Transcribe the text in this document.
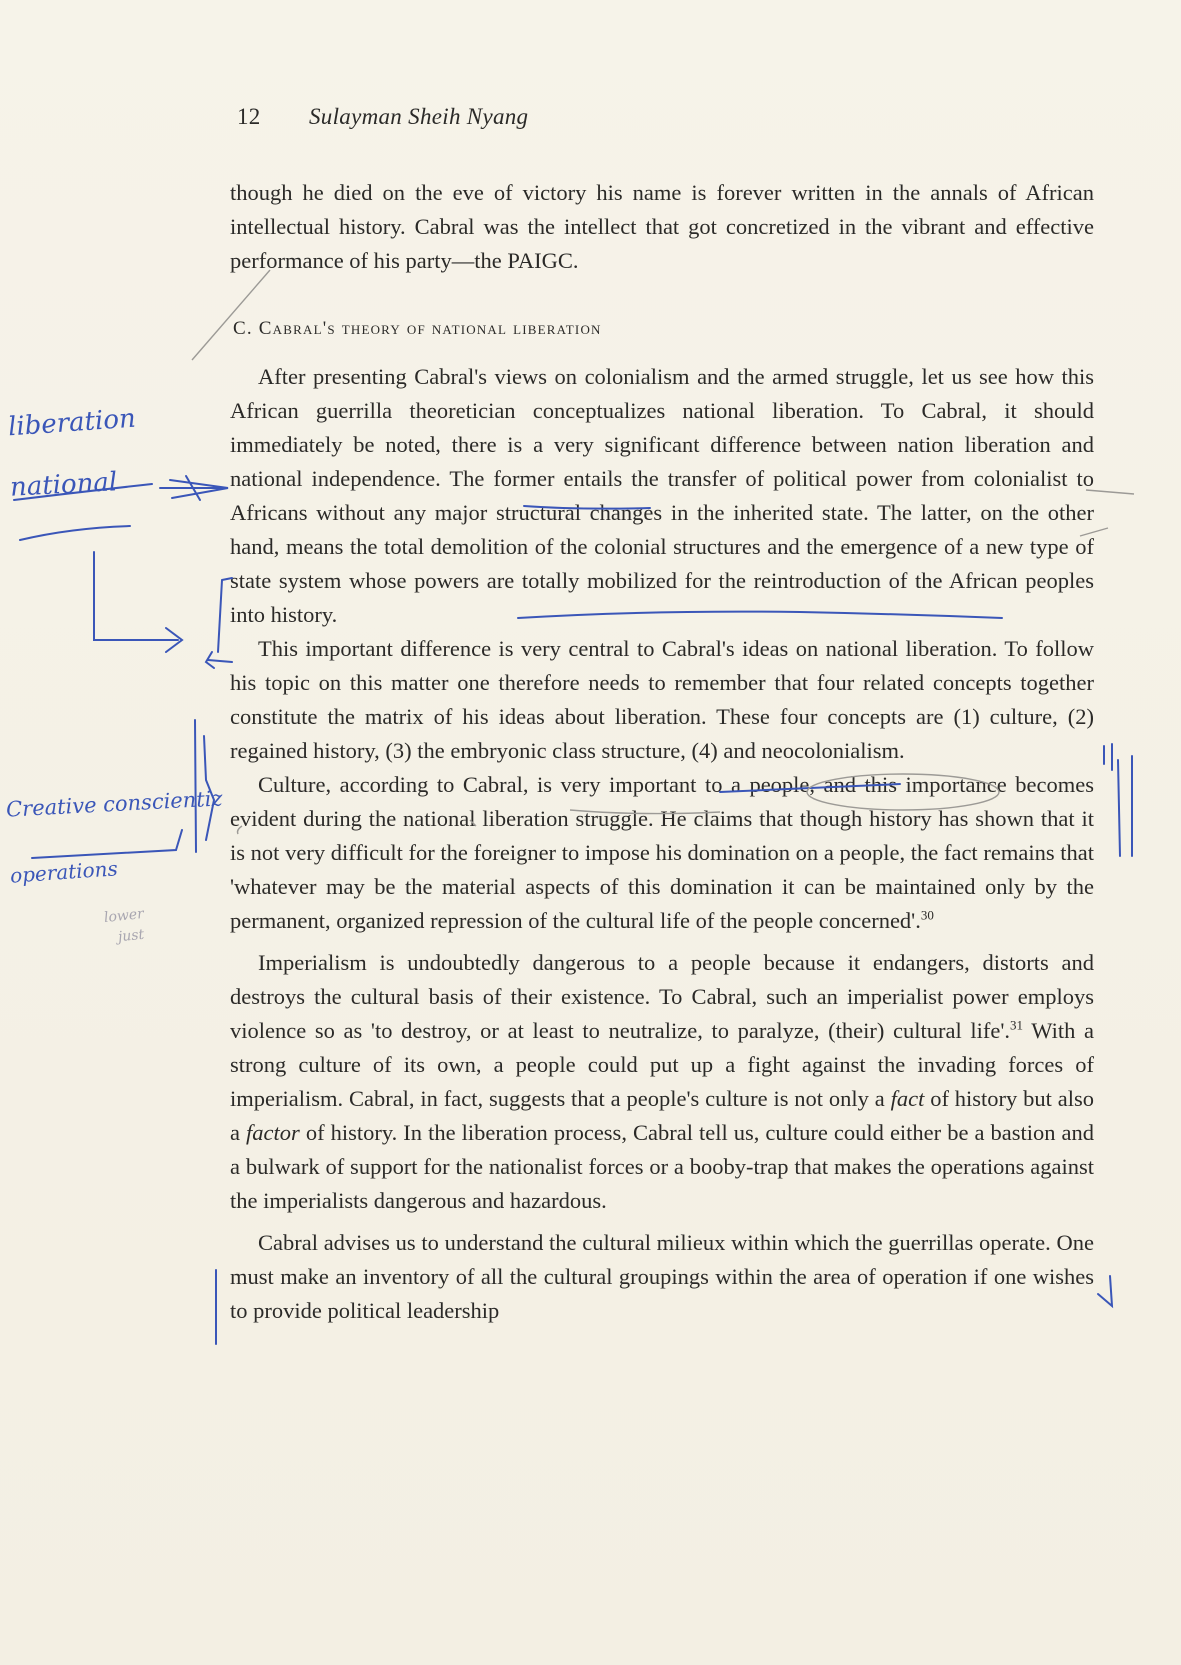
12 Sulayman Sheih Nyang

though he died on the eve of victory his name is forever written in the annals of African intellectual history. Cabral was the intellect that got concretized in the vibrant and effective performance of his party—the PAIGC.

C. Cabral's theory of national liberation

After presenting Cabral's views on colonialism and the armed struggle, let us see how this African guerrilla theoretician conceptualizes national liberation. To Cabral, it should immediately be noted, there is a very significant difference between nation liberation and national independence. The former entails the transfer of political power from colonialist to Africans without any major structural changes in the inherited state. The latter, on the other hand, means the total demolition of the colonial structures and the emergence of a new type of state system whose powers are totally mobilized for the reintroduction of the African peoples into history.

This important difference is very central to Cabral's ideas on national liberation. To follow his topic on this matter one therefore needs to remember that four related concepts together constitute the matrix of his ideas about liberation. These four concepts are (1) culture, (2) regained history, (3) the embryonic class structure, (4) and neocolonialism.

Culture, according to Cabral, is very important to a people, and this importance becomes evident during the national liberation struggle. He claims that though history has shown that it is not very difficult for the foreigner to impose his domination on a people, the fact remains that 'whatever may be the material aspects of this domination it can be maintained only by the permanent, organized repression of the cultural life of the people concerned'.$^{30}$

Imperialism is undoubtedly dangerous to a people because it endangers, distorts and destroys the cultural basis of their existence. To Cabral, such an imperialist power employs violence so as 'to destroy, or at least to neutralize, to paralyze, (their) cultural life'.$^{31}$ With a strong culture of its own, a people could put up a fight against the invading forces of imperialism. Cabral, in fact, suggests that a people's culture is not only a fact of history but also a factor of history. In the liberation process, Cabral tell us, culture could either be a bastion and a bulwark of support for the nationalist forces or a booby-trap that makes the operations against the imperialists dangerous and hazardous.

Cabral advises us to understand the cultural milieux within which the guerrillas operate. One must make an inventory of all the cultural groupings within the area of operation if one wishes to provide political leadership

liberation
national
Creative conscientiz
operations
lower
just
